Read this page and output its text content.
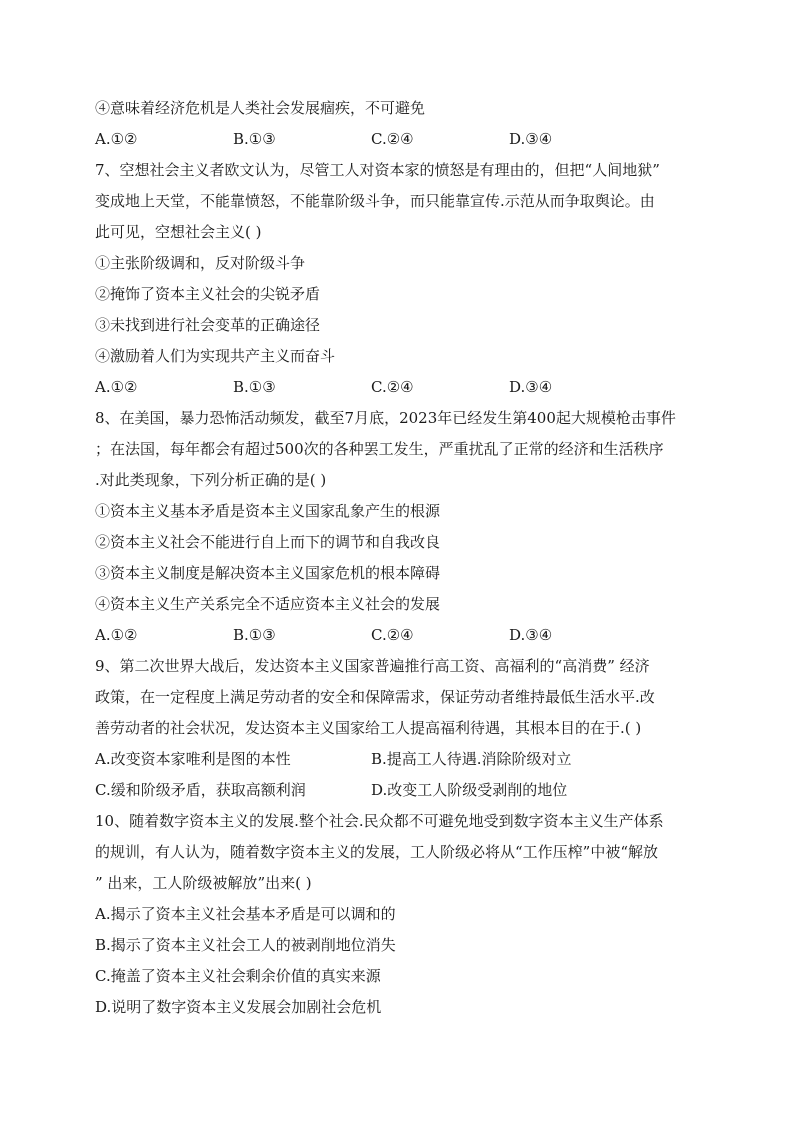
④意味着经济危机是人类社会发展痼疾，不可避免
A.①②	B.①③	C.②④	D.③④
7、空想社会主义者欧文认为，尽管工人对资本家的愤怒是有理由的，但把“人间地狱”
变成地上天堂，不能靠愤怒，不能靠阶级斗争，而只能靠宣传.示范从而争取舆论。由
此可见，空想社会主义( )
①主张阶级调和，反对阶级斗争
②掩饰了资本主义社会的尖锐矛盾
③未找到进行社会变革的正确途径
④激励着人们为实现共产主义而奋斗
A.①②	B.①③	C.②④	D.③④
8、在美国，暴力恐怖活动频发，截至7月底，2023年已经发生第400起大规模枪击事件
；在法国，每年都会有超过500次的各种罢工发生，严重扰乱了正常的经济和生活秩序
.对此类现象，下列分析正确的是( )
①资本主义基本矛盾是资本主义国家乱象产生的根源
②资本主义社会不能进行自上而下的调节和自我改良
③资本主义制度是解决资本主义国家危机的根本障碍
④资本主义生产关系完全不适应资本主义社会的发展
A.①②	B.①③	C.②④	D.③④
9、第二次世界大战后，发达资本主义国家普遍推行高工资、高福利的“高消费” 经济
政策，在一定程度上满足劳动者的安全和保障需求，保证劳动者维持最低生活水平.改
善劳动者的社会状况，发达资本主义国家给工人提高福利待遇，其根本目的在于.( )
A.改变资本家唯利是图的本性	B.提高工人待遇.消除阶级对立
C.缓和阶级矛盾，获取高额利润	D.改变工人阶级受剥削的地位
10、随着数字资本主义的发展.整个社会.民众都不可避免地受到数字资本主义生产体系
的规训，有人认为，随着数字资本主义的发展，工人阶级必将从“工作压榨”中被“解放
” 出来，工人阶级被解放”出来( )
A.揭示了资本主义社会基本矛盾是可以调和的
B.揭示了资本主义社会工人的被剥削地位消失
C.掩盖了资本主义社会剩余价值的真实来源
D.说明了数字资本主义发展会加剧社会危机
